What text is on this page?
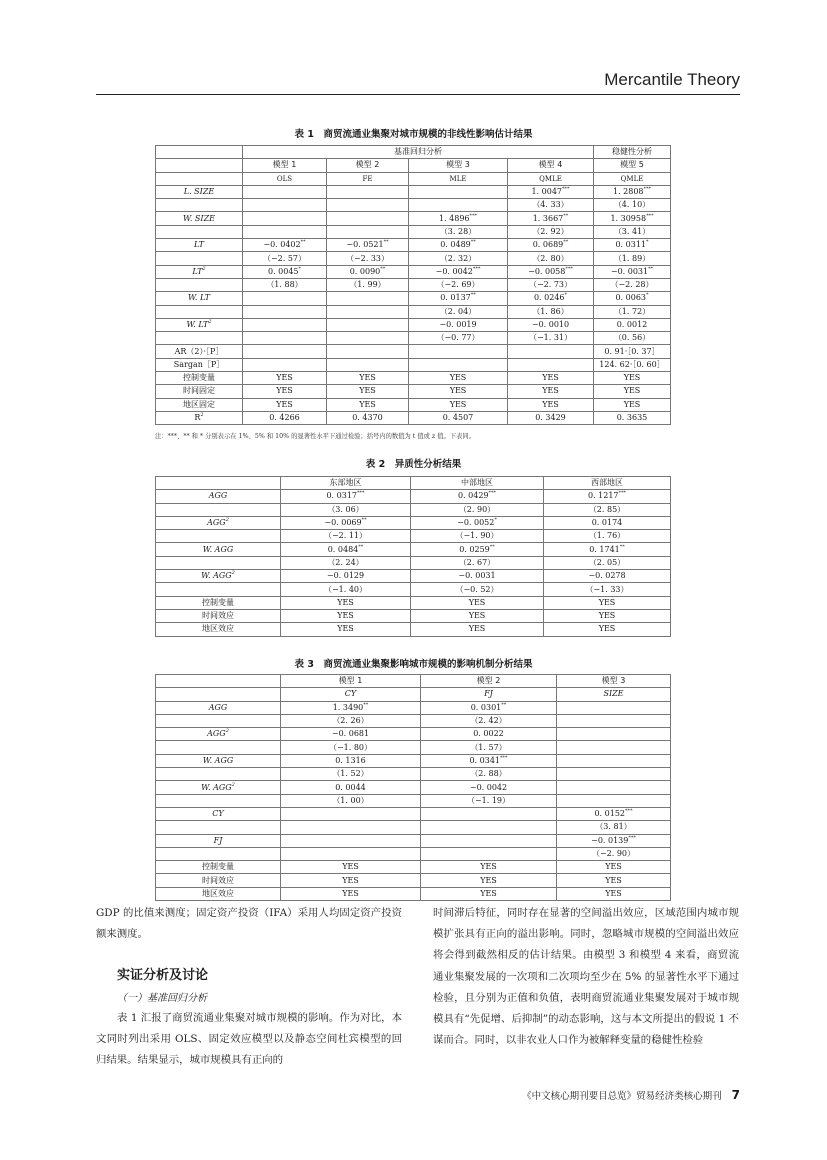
Mercantile Theory
表 1　商贸流通业集聚对城市规模的非线性影响估计结果
	基准回归分析				稳健性分析
	模型 1	模型 2	模型 3	模型 4	模型 5
	OLS	FE	MLE	QMLE	QMLE
L. SIZE				1. 0047***	1. 2808***
				（4. 33）	（4. 10）
W. SIZE			1. 4896***	1. 3667**	1. 30958***
			（3. 28）	（2. 92）	（3. 41）
LT	−0. 0402**	−0. 0521**	0. 0489**	0. 0689**	0. 0311*
	（−2. 57）	（−2. 33）	（2. 32）	（2. 80）	（1. 89）
$LT^2$	0. 0045*	0. 0090**	−0. 0042***	−0. 0058***	−0. 0031**
	（1. 88）	（1. 99）	（−2. 69）	（−2. 73）	（−2. 28）
W. LT			0. 0137**	0. 0246*	0. 0063*
			（2. 04）	（1. 86）	（1. 72）
W. $LT^2$			−0. 0019	−0. 0010	0. 0012
			（−0. 77）	（−1. 31）	（0. 56）
AR（2）·［P］					0. 91·［0. 37］
Sargan［P］					124. 62·［0. 60］
控制变量	YES	YES	YES	YES	YES
时间固定	YES	YES	YES	YES	YES
地区固定	YES	YES	YES	YES	YES
$R^2$	0. 4266	0. 4370	0. 4507	0. 3429	0. 3635
注：***、** 和 * 分别表示在 1%、5% 和 10% 的显著性水平下通过检验；括号内的数值为 t 值或 z 值。下表同。
表 2　异质性分析结果
	东部地区	中部地区	西部地区
AGG	0. 0317***	0. 0429***	0. 1217***
	（3. 06）	（2. 90）	（2. 85）
$AGG^2$	−0. 0069**	−0. 0052*	0. 0174
	（−2. 11）	（−1. 90）	（1. 76）
W. AGG	0. 0484**	0. 0259**	0. 1741**
	（2. 24）	（2. 67）	（2. 05）
W. $AGG^2$	−0. 0129	−0. 0031	−0. 0278
	（−1. 40）	（−0. 52）	（−1. 33）
控制变量	YES	YES	YES
时间效应	YES	YES	YES
地区效应	YES	YES	YES
表 3　商贸流通业集聚影响城市规模的影响机制分析结果
	模型 1	模型 2	模型 3
	CY	FJ	SIZE
AGG	1. 3490**	0. 0301**	
	（2. 26）	（2. 42）	
$AGG^2$	−0. 0681	0. 0022	
	（−1. 80）	（1. 57）	
W. AGG	0. 1316	0. 0341***	
	（1. 52）	（2. 88）	
W. AGG$^2$	0. 0044	−0. 0042	
	（1. 00）	（−1. 19）	
CY			0. 0152***
			（3. 81）
FJ			−0. 0139***
			（−2. 90）
控制变量	YES	YES	YES
时间效应	YES	YES	YES
地区效应	YES	YES	YES
GDP 的比值来测度；固定资产投资（IFA）采用人均固定资产投资额来测度。
实证分析及讨论
（一）基准回归分析
表 1 汇报了商贸流通业集聚对城市规模的影响。作为对比，本文同时列出采用 OLS、固定效应模型以及静态空间杜宾模型的回归结果。结果显示，城市规模具有正向的
时间滞后特征，同时存在显著的空间溢出效应，区域范围内城市规模扩张具有正向的溢出影响。同时，忽略城市规模的空间溢出效应将会得到截然相反的估计结果。由模型 3 和模型 4 来看，商贸流通业集聚发展的一次项和二次项均至少在 5% 的显著性水平下通过检验，且分别为正值和负值，表明商贸流通业集聚发展对于城市规模具有“先促增、后抑制”的动态影响，这与本文所提出的假说 1 不谋而合。同时，以非农业人口作为被解释变量的稳健性检验
《中文核心期刊要目总览》贸易经济类核心期刊 7
